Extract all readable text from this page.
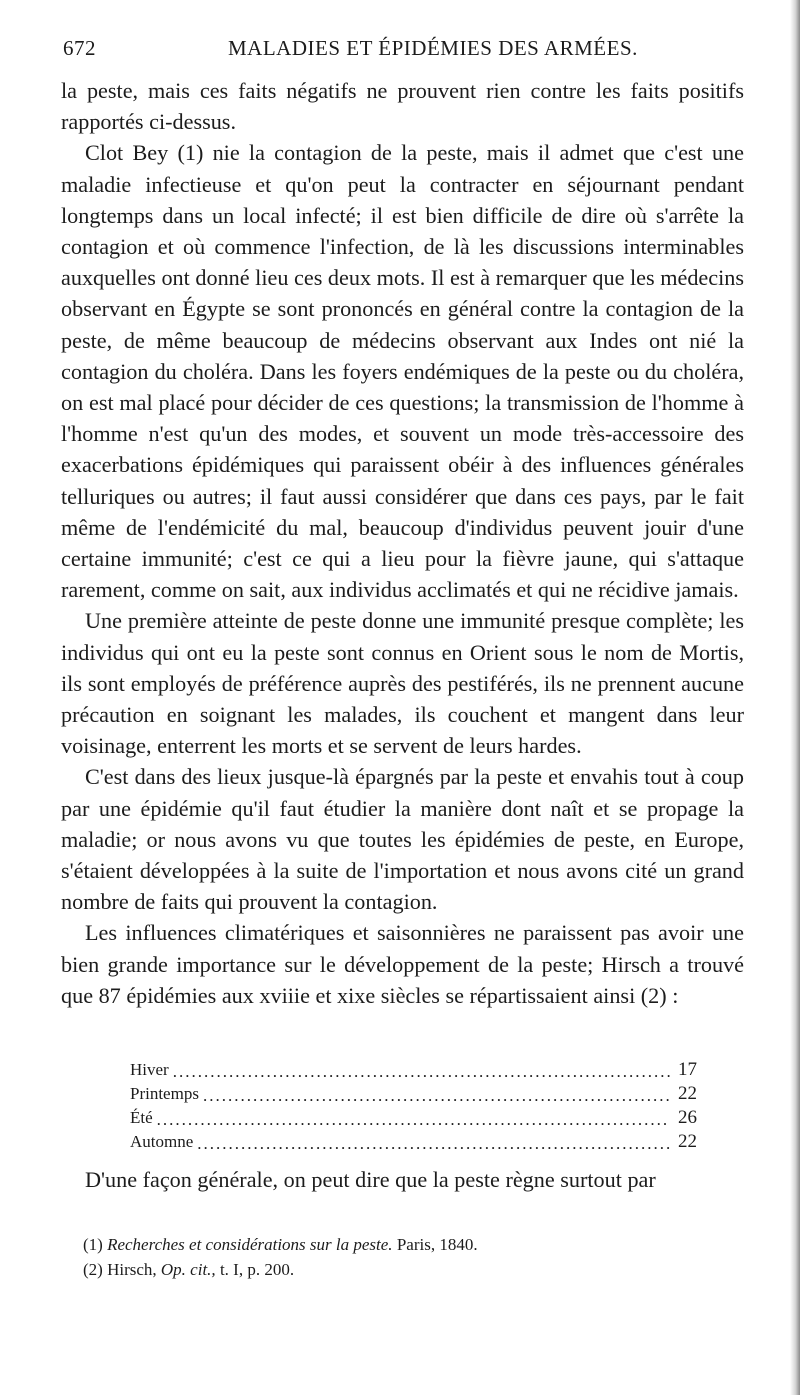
672	MALADIES ET ÉPIDÉMIES DES ARMÉES.

la peste, mais ces faits négatifs ne prouvent rien contre les faits positifs rapportés ci-dessus.

Clot Bey (1) nie la contagion de la peste, mais il admet que c'est une maladie infectieuse et qu'on peut la contracter en séjournant pendant longtemps dans un local infecté; il est bien difficile de dire où s'arrête la contagion et où commence l'infection, de là les discussions interminables auxquelles ont donné lieu ces deux mots. Il est à remarquer que les médecins observant en Égypte se sont prononcés en général contre la contagion de la peste, de même beaucoup de médecins observant aux Indes ont nié la contagion du choléra. Dans les foyers endémiques de la peste ou du choléra, on est mal placé pour décider de ces questions; la transmission de l'homme à l'homme n'est qu'un des modes, et souvent un mode très-accessoire des exacerbations épidémiques qui paraissent obéir à des influences générales telluriques ou autres; il faut aussi considérer que dans ces pays, par le fait même de l'endémicité du mal, beaucoup d'individus peuvent jouir d'une certaine immunité; c'est ce qui a lieu pour la fièvre jaune, qui s'attaque rarement, comme on sait, aux individus acclimatés et qui ne récidive jamais.

Une première atteinte de peste donne une immunité presque complète; les individus qui ont eu la peste sont connus en Orient sous le nom de Mortis, ils sont employés de préférence auprès des pestiférés, ils ne prennent aucune précaution en soignant les malades, ils couchent et mangent dans leur voisinage, enterrent les morts et se servent de leurs hardes.

C'est dans des lieux jusque-là épargnés par la peste et envahis tout à coup par une épidémie qu'il faut étudier la manière dont naît et se propage la maladie; or nous avons vu que toutes les épidémies de peste, en Europe, s'étaient développées à la suite de l'importation et nous avons cité un grand nombre de faits qui prouvent la contagion.

Les influences climatériques et saisonnières ne paraissent pas avoir une bien grande importance sur le développement de la peste; Hirsch a trouvé que 87 épidémies aux xviiie et xixe siècles se répartissaient ainsi (2) :

Hiver .....	17
Printemps .....	22
Été .....	26
Automne .....	22
D'une façon générale, on peut dire que la peste règne surtout par

(1) Recherches et considérations sur la peste. Paris, 1840.

(2) Hirsch, Op. cit., t. I, p. 200.
